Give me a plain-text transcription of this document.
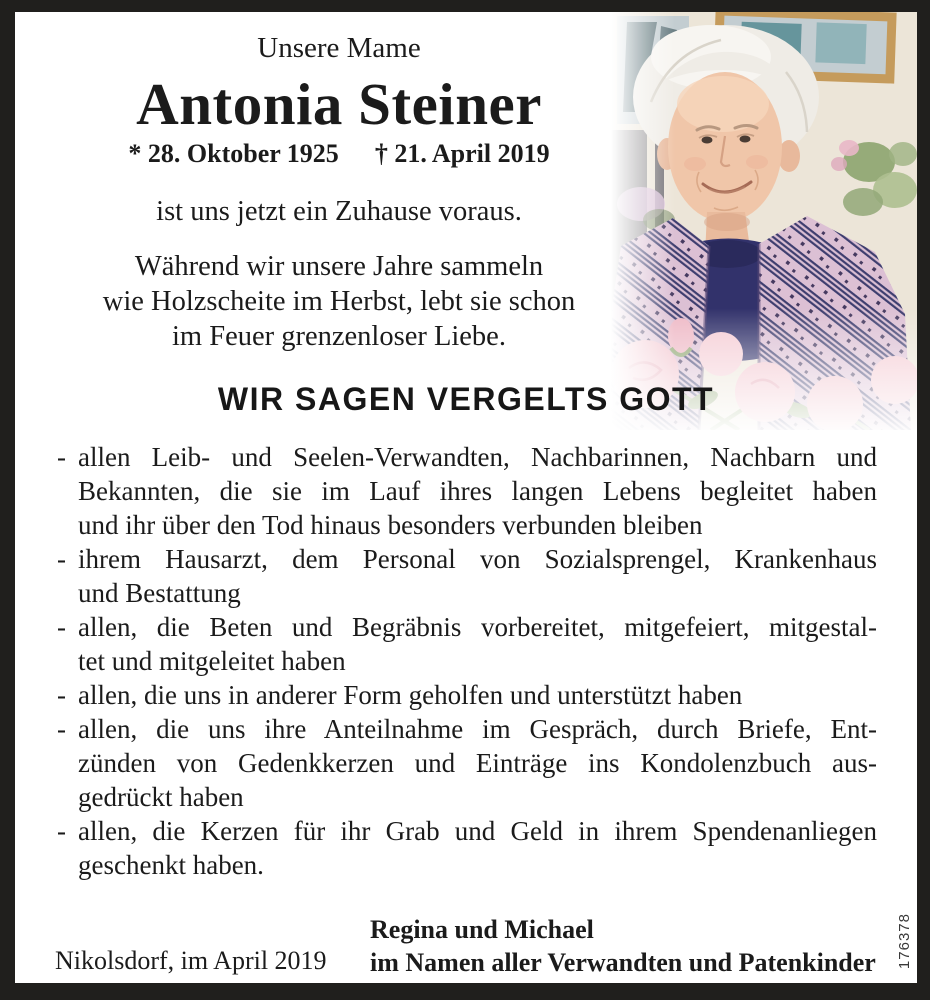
Unsere Mame
Antonia Steiner
* 28. Oktober 1925 † 21. April 2019
ist uns jetzt ein Zuhause voraus.
Während wir unsere Jahre sammeln
wie Holzscheite im Herbst, lebt sie schon
im Feuer grenzenloser Liebe.
WIR SAGEN VERGELTS GOTT
- allen Leib- und Seelen-Verwandten, Nachbarinnen, Nachbarn und
Bekannten, die sie im Lauf ihres langen Lebens begleitet haben
und ihr über den Tod hinaus besonders verbunden bleiben
- ihrem Hausarzt, dem Personal von Sozialsprengel, Krankenhaus
und Bestattung
- allen, die Beten und Begräbnis vorbereitet, mitgefeiert, mitgestal-
tet und mitgeleitet haben
- allen, die uns in anderer Form geholfen und unterstützt haben
- allen, die uns ihre Anteilnahme im Gespräch, durch Briefe, Ent-
zünden von Gedenkkerzen und Einträge ins Kondolenzbuch aus-
gedrückt haben
- allen, die Kerzen für ihr Grab und Geld in ihrem Spendenanliegen
geschenkt haben.
Nikolsdorf, im April 2019
Regina und Michael
im Namen aller Verwandten und Patenkinder 176378
